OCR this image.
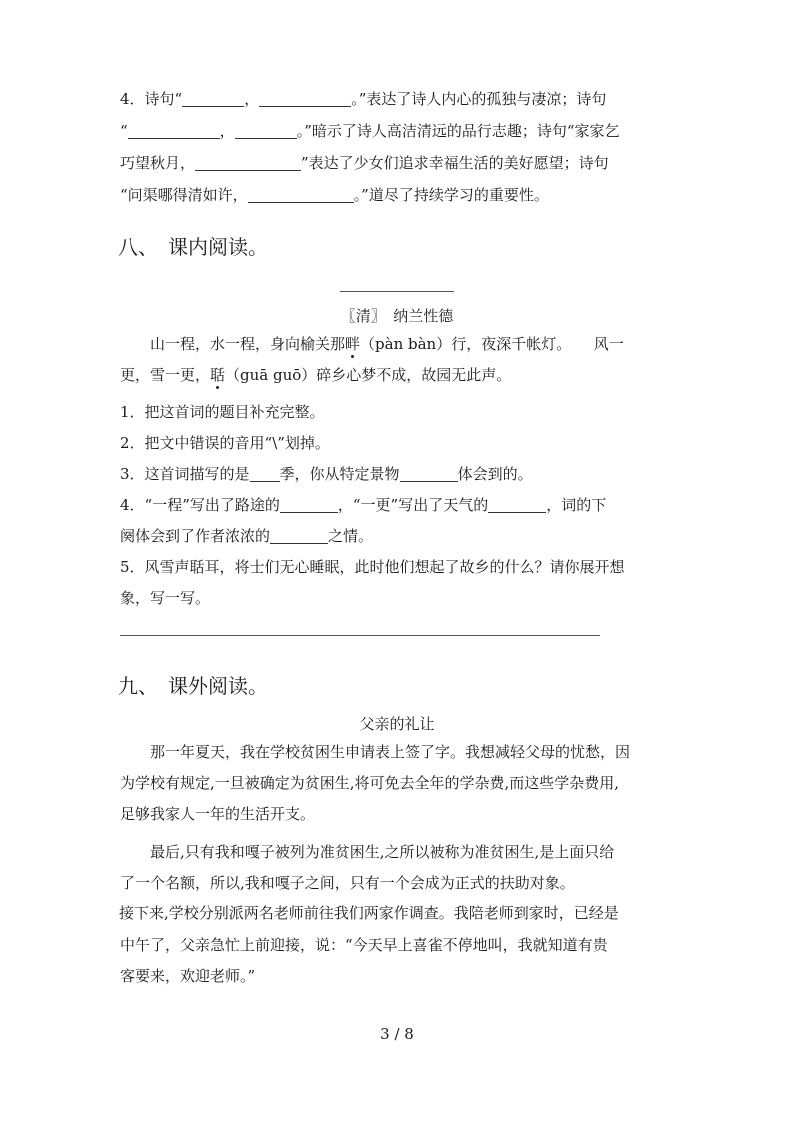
4．诗句“	，	。”表达了诗人内心的孤独与凄凉；诗句
“	，	。”暗示了诗人高洁清远的品行志趣；诗句“家家乞
巧望秋月，	”表达了少女们追求幸福生活的美好愿望；诗句
“问渠哪得清如许，	。”道尽了持续学习的重要性。
八、　课内阅读。
〖清〗　纳兰性德
山一程，水一程，身向榆关那畔（pàn bàn）行，夜深千帐灯。　　风一
更，雪一更，聒（guā guō）碎乡心梦不成，故园无此声。
1．把这首词的题目补充完整。
2．把文中错误的音用“\”划掉。
3．这首词描写的是 季，你从特定景物	体会到的。
4．“一程”写出了路途的	，“一更”写出了天气的	，词的下
阕体会到了作者浓浓的	之情。
5．风雪声聒耳，将士们无心睡眠，此时他们想起了故乡的什么？请你展开想
象，写一写。
九、　课外阅读。
父亲的礼让
那一年夏天，我在学校贫困生申请表上签了字。我想减轻父母的忧愁，因
为学校有规定,一旦被确定为贫困生,将可免去全年的学杂费,而这些学杂费用,
足够我家人一年的生活开支。
最后,只有我和嘎子被列为准贫困生,之所以被称为准贫困生,是上面只给
了一个名额，所以,我和嘎子之间，只有一个会成为正式的扶助对象。
接下来,学校分别派两名老师前往我们两家作调查。我陪老师到家时，已经是
中午了，父亲急忙上前迎接，说：“今天早上喜雀不停地叫，我就知道有贵
客要来，欢迎老师。”
3 / 8
